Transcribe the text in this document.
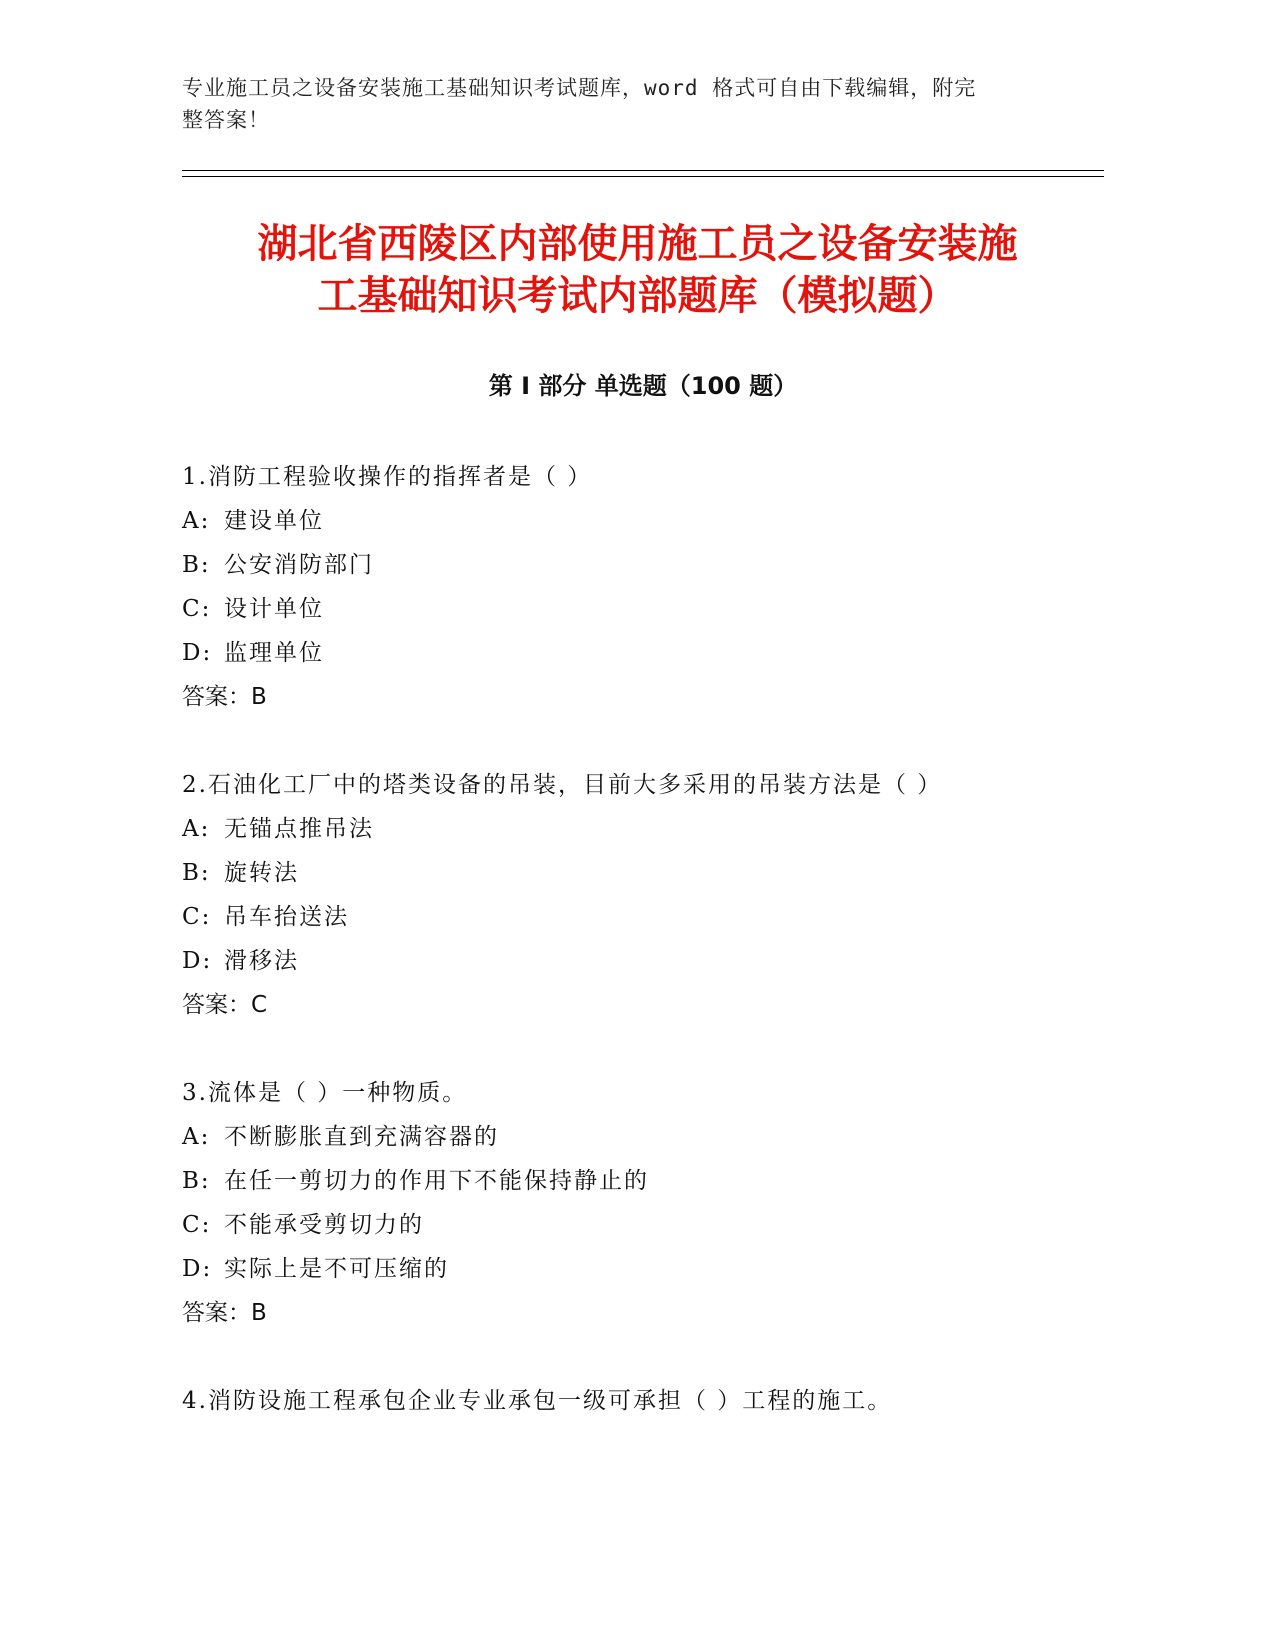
专业施工员之设备安装施工基础知识考试题库，word 格式可自由下载编辑，附完
整答案！
湖北省西陵区内部使用施工员之设备安装施
工基础知识考试内部题库（模拟题）
第 I 部分 单选题（100 题）
1.消防工程验收操作的指挥者是（ ）
A: 建设单位
B: 公安消防部门
C: 设计单位
D: 监理单位
答案：B
2.石油化工厂中的塔类设备的吊装，目前大多采用的吊装方法是（ ）
A: 无锚点推吊法
B: 旋转法
C: 吊车抬送法
D: 滑移法
答案：C
3.流体是（ ）一种物质。
A: 不断膨胀直到充满容器的
B: 在任一剪切力的作用下不能保持静止的
C: 不能承受剪切力的
D: 实际上是不可压缩的
答案：B
4.消防设施工程承包企业专业承包一级可承担（ ）工程的施工。
